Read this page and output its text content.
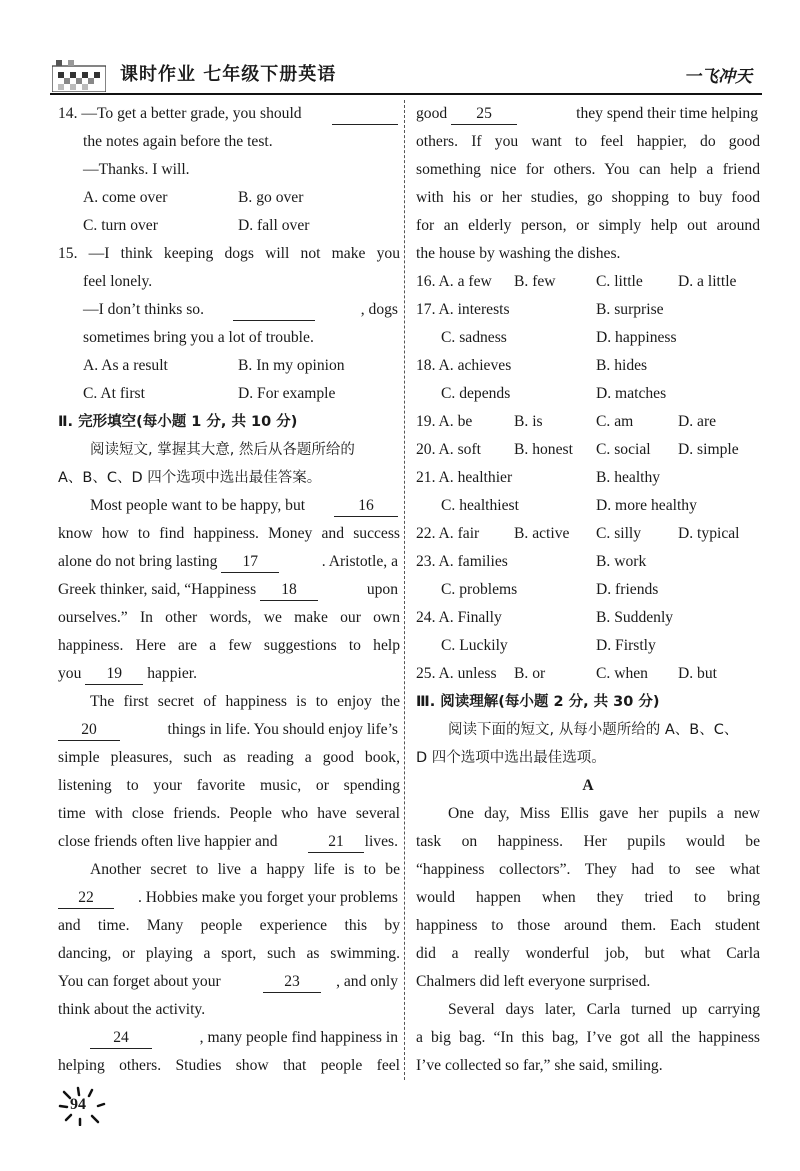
课时作业 七年级下册英语	一飞冲天
14. —To get a better grade, you should
the notes again before the test.
—Thanks. I will.
A. come over	B. go over
C. turn over	D. fall over
15. —I think keeping dogs will not make you
feel lonely.
—I don’t thinks so.	, dogs
sometimes bring you a lot of trouble.
A. As a result	B. In my opinion
C. At first	D. For example
Ⅱ. 完形填空(每小题 1 分, 共 10 分)
阅读短文, 掌握其大意, 然后从各题所给的
A、B、C、D 四个选项中选出最佳答案。
Most people want to be happy, but	16
know how to find happiness. Money and success
alone do not bring lasting 17	. Aristotle, a
Greek thinker, said, “Happiness 18	upon
ourselves.” In other words, we make our own
happiness. Here are a few suggestions to help
you 19 happier.
The first secret of happiness is to enjoy the
20	things in life. You should enjoy life’s
simple pleasures, such as reading a good book,
listening to your favorite music, or spending
time with close friends. People who have several
close friends often live happier and	21	lives.
Another secret to live a happy life is to be
22	. Hobbies make you forget your problems
and time. Many people experience this by
dancing, or playing a sport, such as swimming.
You can forget about your	23	, and only
think about the activity.
24	, many people find happiness in
helping others. Studies show that people feel
good 25	they spend their time helping
others. If you want to feel happier, do good
something nice for others. You can help a friend
with his or her studies, go shopping to buy food
for an elderly person, or simply help out around
the house by washing the dishes.
16. A. a few B. few	C. little D. a little
17. A. interests	B. surprise
C. sadness	D. happiness
18. A. achieves	B. hides
C. depends	D. matches
19. A. be	B. is	C. am	D. are
20. A. soft B. honest C. social D. simple
21. A. healthier	B. healthy
C. healthiest	D. more healthy
22. A. fair B. active C. silly D. typical
23. A. families	B. work
C. problems	D. friends
24. A. Finally	B. Suddenly
C. Luckily	D. Firstly
25. A. unless B. or	C. when D. but
Ⅲ. 阅读理解(每小题 2 分, 共 30 分)
阅读下面的短文, 从每小题所给的 A、B、C、
D 四个选项中选出最佳选项。
A
One day, Miss Ellis gave her pupils a new
task on happiness. Her pupils would be
“happiness collectors”. They had to see what
would happen when they tried to bring
happiness to those around them. Each student
did a really wonderful job, but what Carla
Chalmers did left everyone surprised.
Several days later, Carla turned up carrying
a big bag. “In this bag, I’ve got all the happiness
I’ve collected so far,” she said, smiling.
94
